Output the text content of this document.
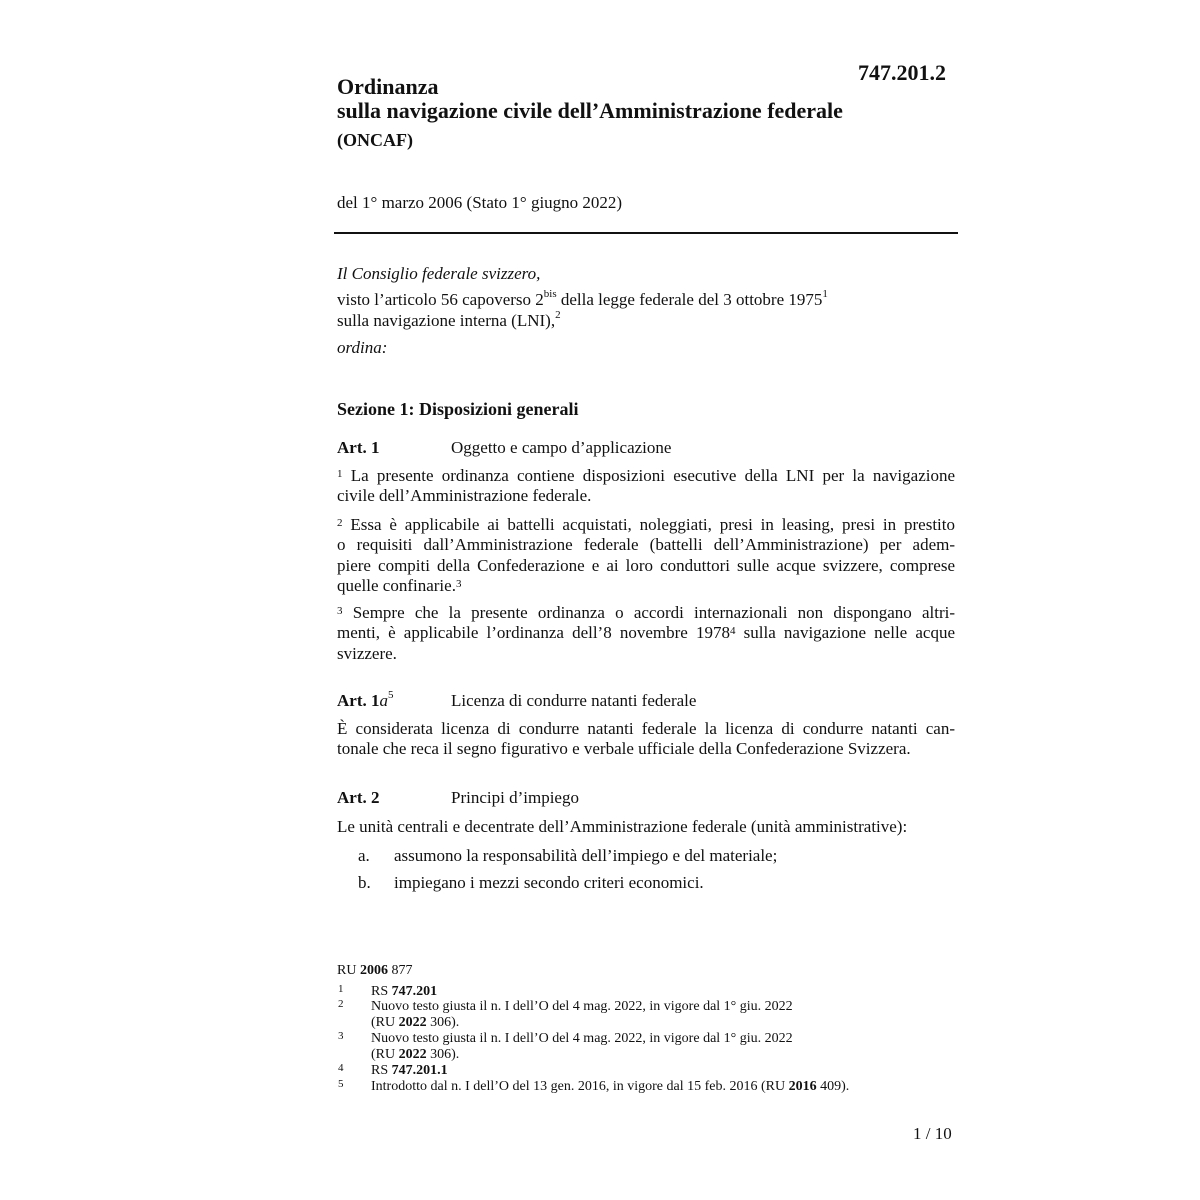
747.201.2
Ordinanza
sulla navigazione civile dell’Amministrazione federale
(ONCAF)
del 1° marzo 2006 (Stato 1° giugno 2022)
Il Consiglio federale svizzero,
visto l’articolo 56 capoverso $2^{bis}$ della legge federale del 3 ottobre 1975$^1$
sulla navigazione interna (LNI),$^2$
ordina:
Sezione 1: Disposizioni generali
Art. 1	Oggetto e campo d’applicazione
$^1$ La presente ordinanza contiene disposizioni esecutive della LNI per la navigazione
civile dell’Amministrazione federale.
$^2$ Essa è applicabile ai battelli acquistati, noleggiati, presi in leasing, presi in prestito
o requisiti dall’Amministrazione federale (battelli dell’Amministrazione) per adem-
piere compiti della Confederazione e ai loro conduttori sulle acque svizzere, comprese
quelle confinarie.$^3$
$^3$ Sempre che la presente ordinanza o accordi internazionali non dispongano altri-
menti, è applicabile l’ordinanza dell’8 novembre 1978$^4$ sulla navigazione nelle acque
svizzere.
Art. $1a^5$	Licenza di condurre natanti federale
È considerata licenza di condurre natanti federale la licenza di condurre natanti can-
tonale che reca il segno figurativo e verbale ufficiale della Confederazione Svizzera.
Art. 2	Principi d’impiego
Le unità centrali e decentrate dell’Amministrazione federale (unità amministrative):
a. assumono la responsabilità dell’impiego e del materiale;
b. impiegano i mezzi secondo criteri economici.
RU 2006 877
1 RS 747.201
2 Nuovo testo giusta il n. I dell’O del 4 mag. 2022, in vigore dal 1° giu. 2022
(RU 2022 306).
3 Nuovo testo giusta il n. I dell’O del 4 mag. 2022, in vigore dal 1° giu. 2022
(RU 2022 306).
4 RS 747.201.1
5 Introdotto dal n. I dell’O del 13 gen. 2016, in vigore dal 15 feb. 2016 (RU 2016 409).
1 / 10
